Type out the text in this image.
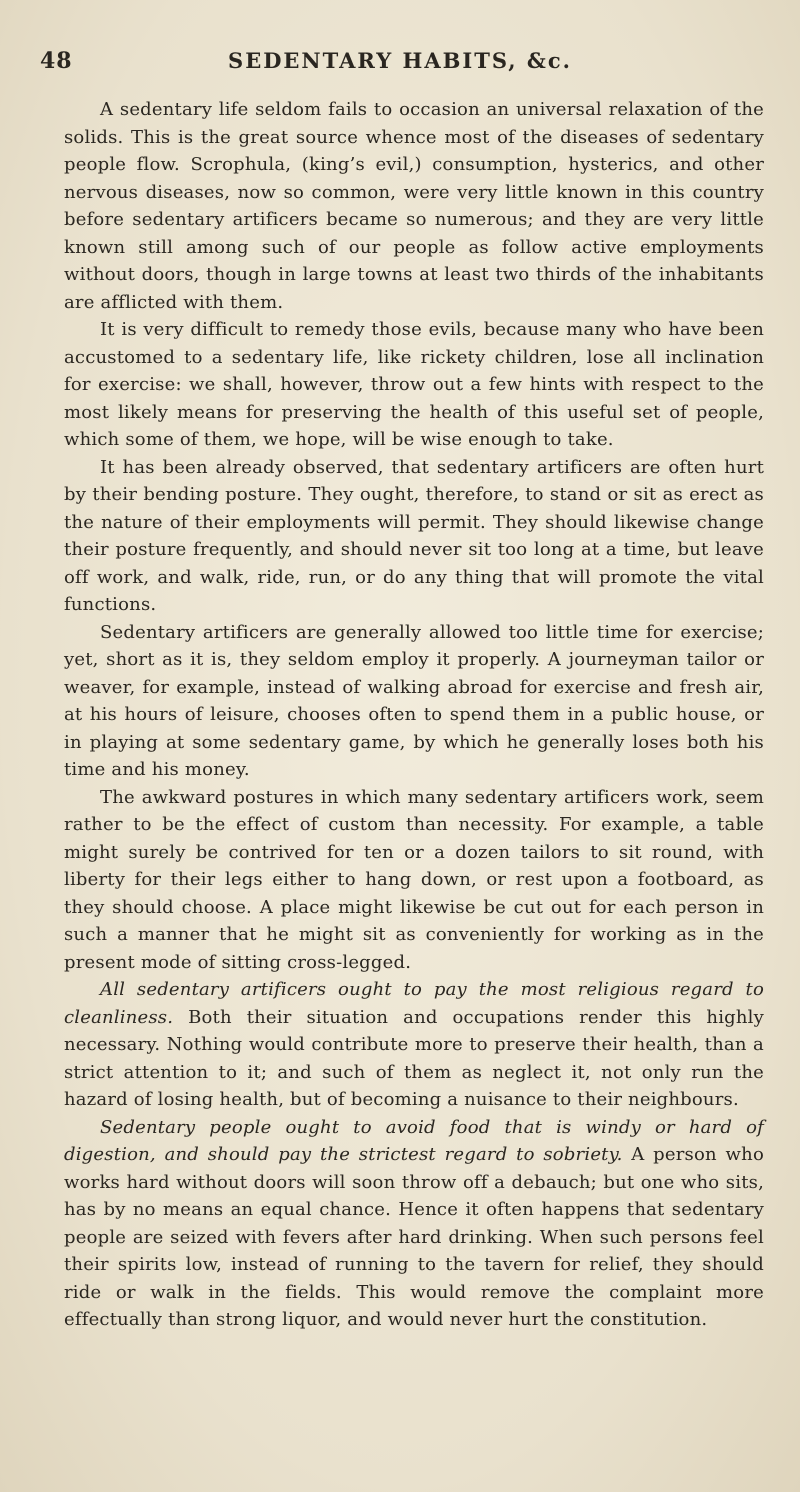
48	SEDENTARY HABITS, &c.

A sedentary life seldom fails to occasion an universal relaxation of the solids. This is the great source whence most of the diseases of sedentary people flow. Scrophula, (king’s evil,) consumption, hysterics, and other nervous diseases, now so common, were very little known in this country before sedentary artificers became so numerous; and they are very little known still among such of our people as follow active employments without doors, though in large towns at least two thirds of the inhabitants are afflicted with them.

It is very difficult to remedy those evils, because many who have been accustomed to a sedentary life, like rickety children, lose all inclination for exercise: we shall, however, throw out a few hints with respect to the most likely means for preserving the health of this useful set of people, which some of them, we hope, will be wise enough to take.

It has been already observed, that sedentary artificers are often hurt by their bending posture. They ought, therefore, to stand or sit as erect as the nature of their employments will permit. They should likewise change their posture frequently, and should never sit too long at a time, but leave off work, and walk, ride, run, or do any thing that will promote the vital functions.

Sedentary artificers are generally allowed too little time for exercise; yet, short as it is, they seldom employ it properly. A journeyman tailor or weaver, for example, instead of walking abroad for exercise and fresh air, at his hours of leisure, chooses often to spend them in a public house, or in playing at some sedentary game, by which he generally loses both his time and his money.

The awkward postures in which many sedentary artificers work, seem rather to be the effect of custom than necessity. For example, a table might surely be contrived for ten or a dozen tailors to sit round, with liberty for their legs either to hang down, or rest upon a footboard, as they should choose. A place might likewise be cut out for each person in such a manner that he might sit as conveniently for working as in the present mode of sitting cross-legged.

All sedentary artificers ought to pay the most religious regard to cleanliness. Both their situation and occupations render this highly necessary. Nothing would contribute more to preserve their health, than a strict attention to it; and such of them as neglect it, not only run the hazard of losing health, but of becoming a nuisance to their neighbours.

Sedentary people ought to avoid food that is windy or hard of digestion, and should pay the strictest regard to sobriety. A person who works hard without doors will soon throw off a debauch; but one who sits, has by no means an equal chance. Hence it often happens that sedentary people are seized with fevers after hard drinking. When such persons feel their spirits low, instead of running to the tavern for relief, they should ride or walk in the fields. This would remove the complaint more effectually than strong liquor, and would never hurt the constitution.
